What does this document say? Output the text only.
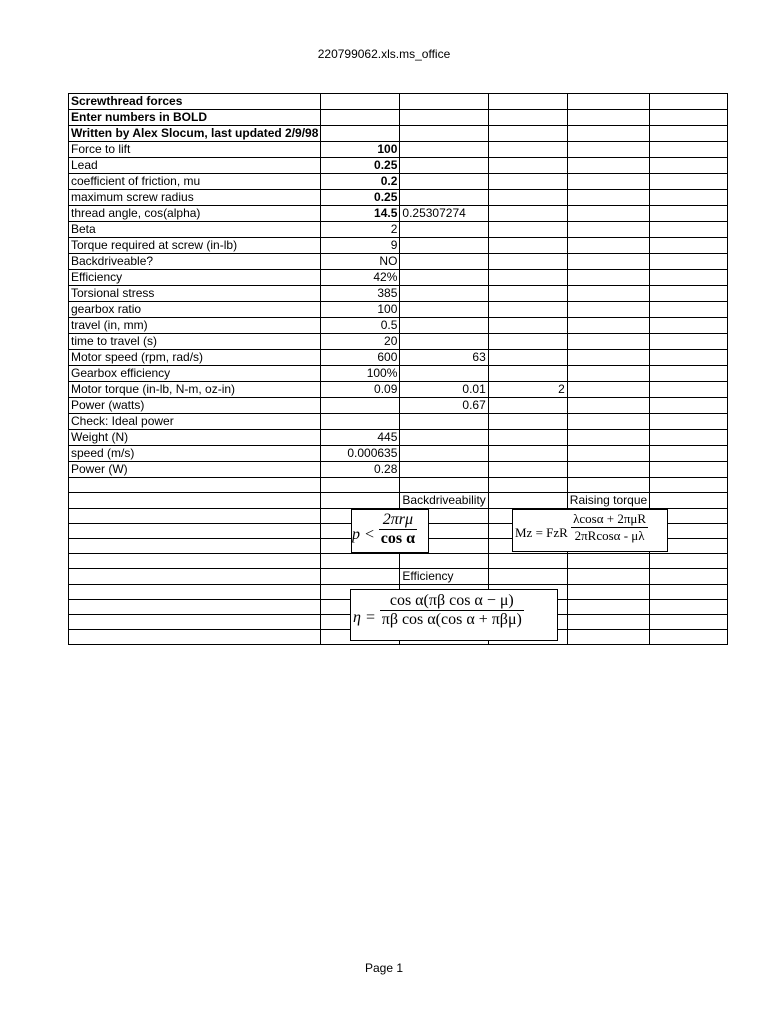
220799062.xls.ms_office
Screwthread forces					
Enter numbers in BOLD					
Written by Alex Slocum, last updated 2/9/98					
Force to lift	100				
Lead	0.25				
coefficient of friction, mu	0.2				
maximum screw radius	0.25				
thread angle, cos(alpha)	14.5	0.25307274			
Beta	2				
Torque required at screw (in-lb)	9				
Backdriveable?	NO				
Efficiency	42%				
Torsional stress	385				
gearbox ratio	100				
travel (in, mm)	0.5				
time to travel (s)	20				
Motor speed (rpm, rad/s)	600	63			
Gearbox efficiency	100%				
Motor torque (in-lb, N-m, oz-in)	0.09	0.01	2		
Power (watts)		0.67			
Check: Ideal power					
Weight (N)	445				
speed (m/s)	0.000635				
Power (W)	0.28				

		Backdriveability		Raising torque	

		Efficiency			

$p < \frac{\text{2πrμ}}{\text{cos α}}$	Mz = FzR $\frac{\text{λcosα + 2πμR}}{2\pi Rcos\alpha - \mu\lambda}$
$\eta = \frac{\text{cos α(πβ cos α − μ)}}{\text{πβ cos α(cos α + πβμ)}}$
Page 1
